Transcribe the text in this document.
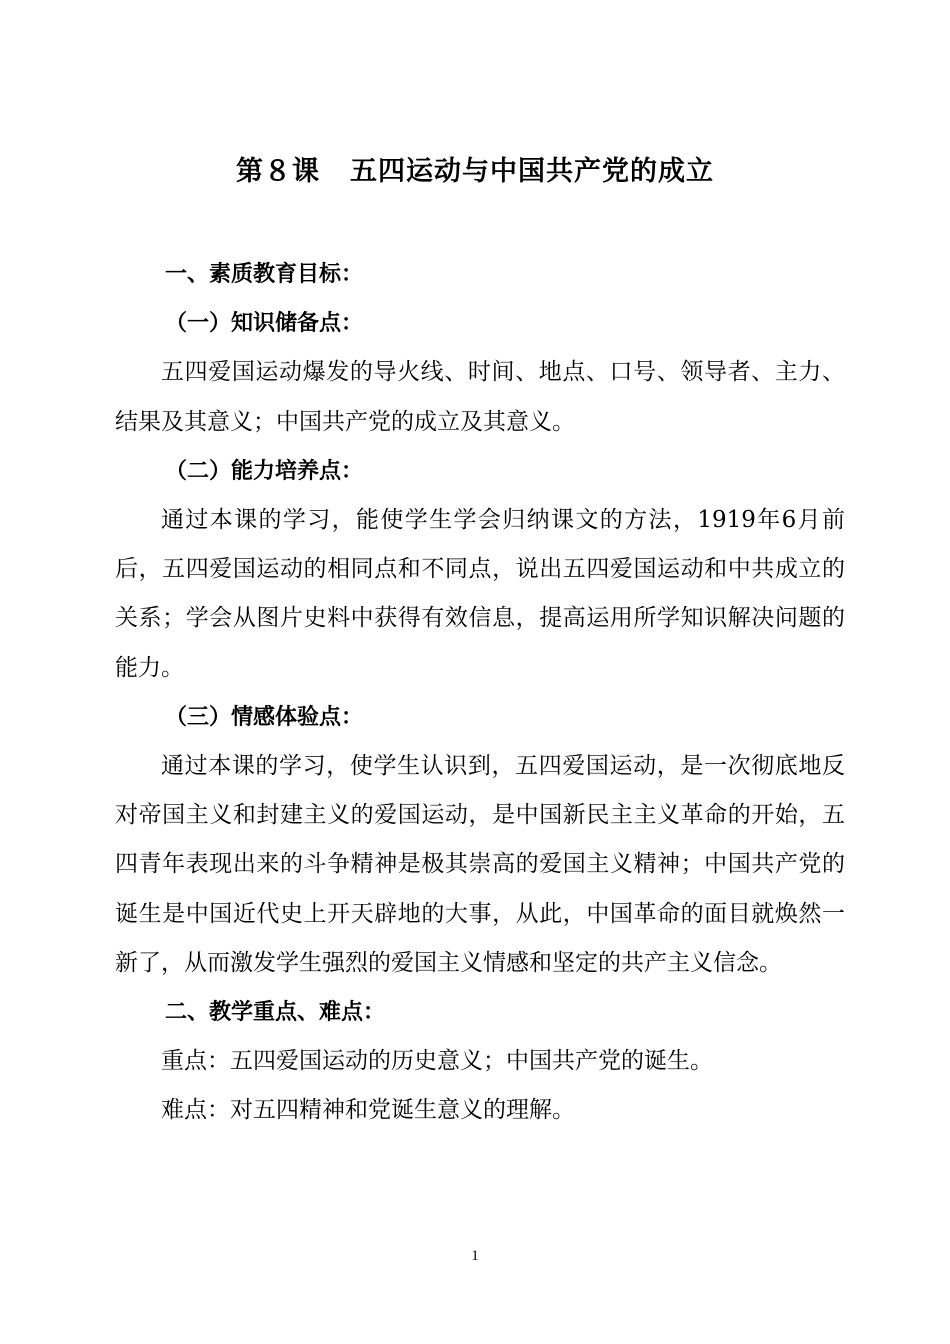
第８课 五四运动与中国共产党的成立

一、素质教育目标：

（一）知识储备点：

五四爱国运动爆发的导火线、时间、地点、口号、领导者、主力、结果及其意义；中国共产党的成立及其意义。

（二）能力培养点：

通过本课的学习，能使学生学会归纳课文的方法，1919年6月前后，五四爱国运动的相同点和不同点，说出五四爱国运动和中共成立的关系；学会从图片史料中获得有效信息，提高运用所学知识解决问题的能力。

（三）情感体验点：

通过本课的学习，使学生认识到，五四爱国运动，是一次彻底地反对帝国主义和封建主义的爱国运动，是中国新民主主义革命的开始，五四青年表现出来的斗争精神是极其崇高的爱国主义精神；中国共产党的诞生是中国近代史上开天辟地的大事，从此，中国革命的面目就焕然一新了，从而激发学生强烈的爱国主义情感和坚定的共产主义信念。

二、教学重点、难点：

重点：五四爱国运动的历史意义；中国共产党的诞生。

难点：对五四精神和党诞生意义的理解。

1
